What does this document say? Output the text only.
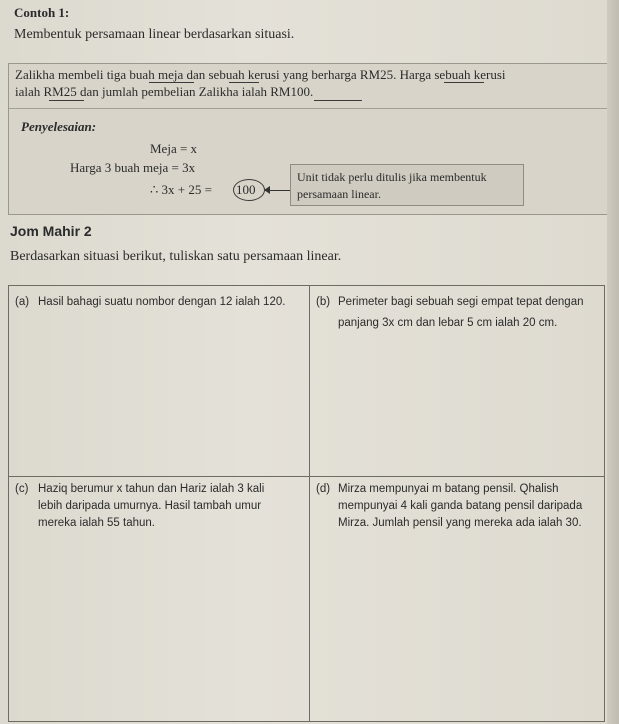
Contoh 1:
Membentuk persamaan linear berdasarkan situasi.
Zalikha membeli tiga buah meja dan sebuah kerusi yang berharga RM25. Harga sebuah kerusi
ialah RM25 dan jumlah pembelian Zalikha ialah RM100.
Penyelesaian:
Meja = x
Harga 3 buah meja = 3x
∴ 3x + 25 = 100
Unit tidak perlu ditulis jika membentuk persamaan linear.
Jom Mahir 2
Berdasarkan situasi berikut, tuliskan satu persamaan linear.
(a) Hasil bahagi suatu nombor dengan 12 ialah 120.	(b) Perimeter bagi sebuah segi empat tepat dengan
panjang 3x cm dan lebar 5 cm ialah 20 cm.
(c) Haziq berumur x tahun dan Hariz ialah 3 kali
lebih daripada umurnya. Hasil tambah umur
mereka ialah 55 tahun.
(d) Mirza mempunyai m batang pensil. Qhalish
mempunyai 4 kali ganda batang pensil daripada
Mirza. Jumlah pensil yang mereka ada ialah 30.
